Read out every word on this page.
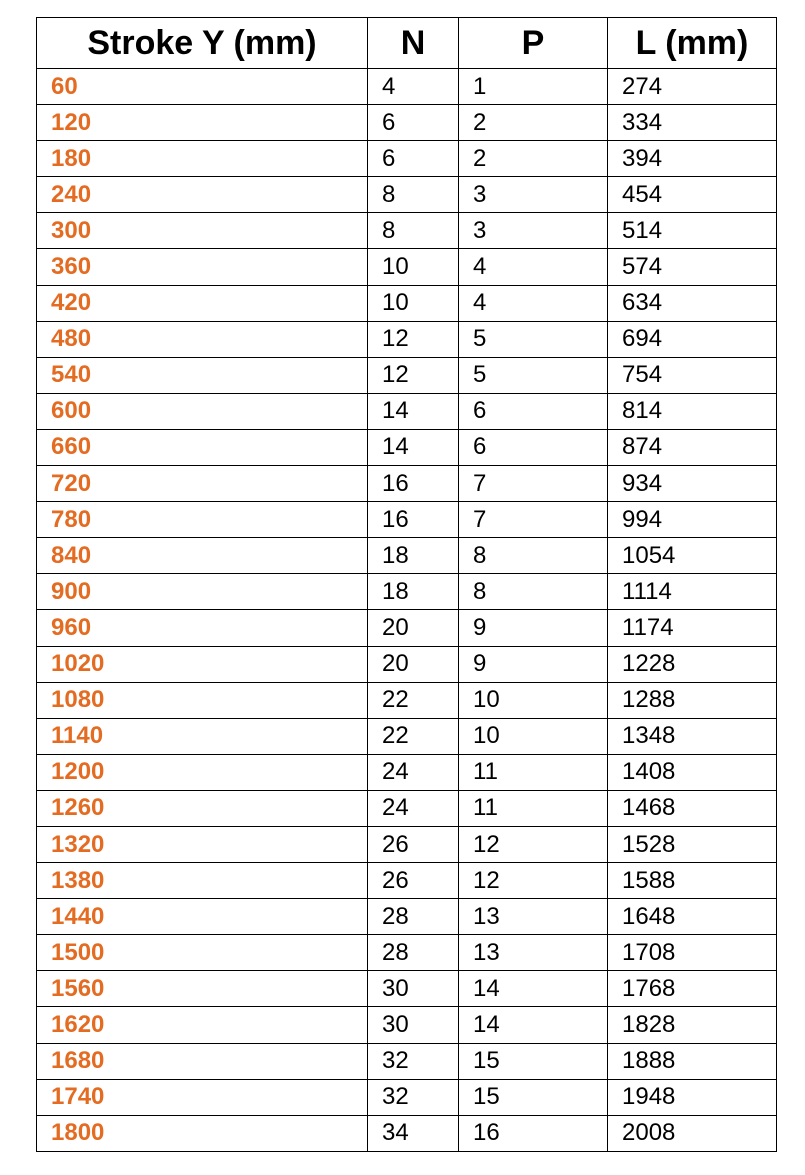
Stroke Y (mm)	N	P	L (mm)
60	4	1	274
120	6	2	334
180	6	2	394
240	8	3	454
300	8	3	514
360	10	4	574
420	10	4	634
480	12	5	694
540	12	5	754
600	14	6	814
660	14	6	874
720	16	7	934
780	16	7	994
840	18	8	1054
900	18	8	1114
960	20	9	1174
1020	20	9	1228
1080	22	10	1288
1140	22	10	1348
1200	24	11	1408
1260	24	11	1468
1320	26	12	1528
1380	26	12	1588
1440	28	13	1648
1500	28	13	1708
1560	30	14	1768
1620	30	14	1828
1680	32	15	1888
1740	32	15	1948
1800	34	16	2008
